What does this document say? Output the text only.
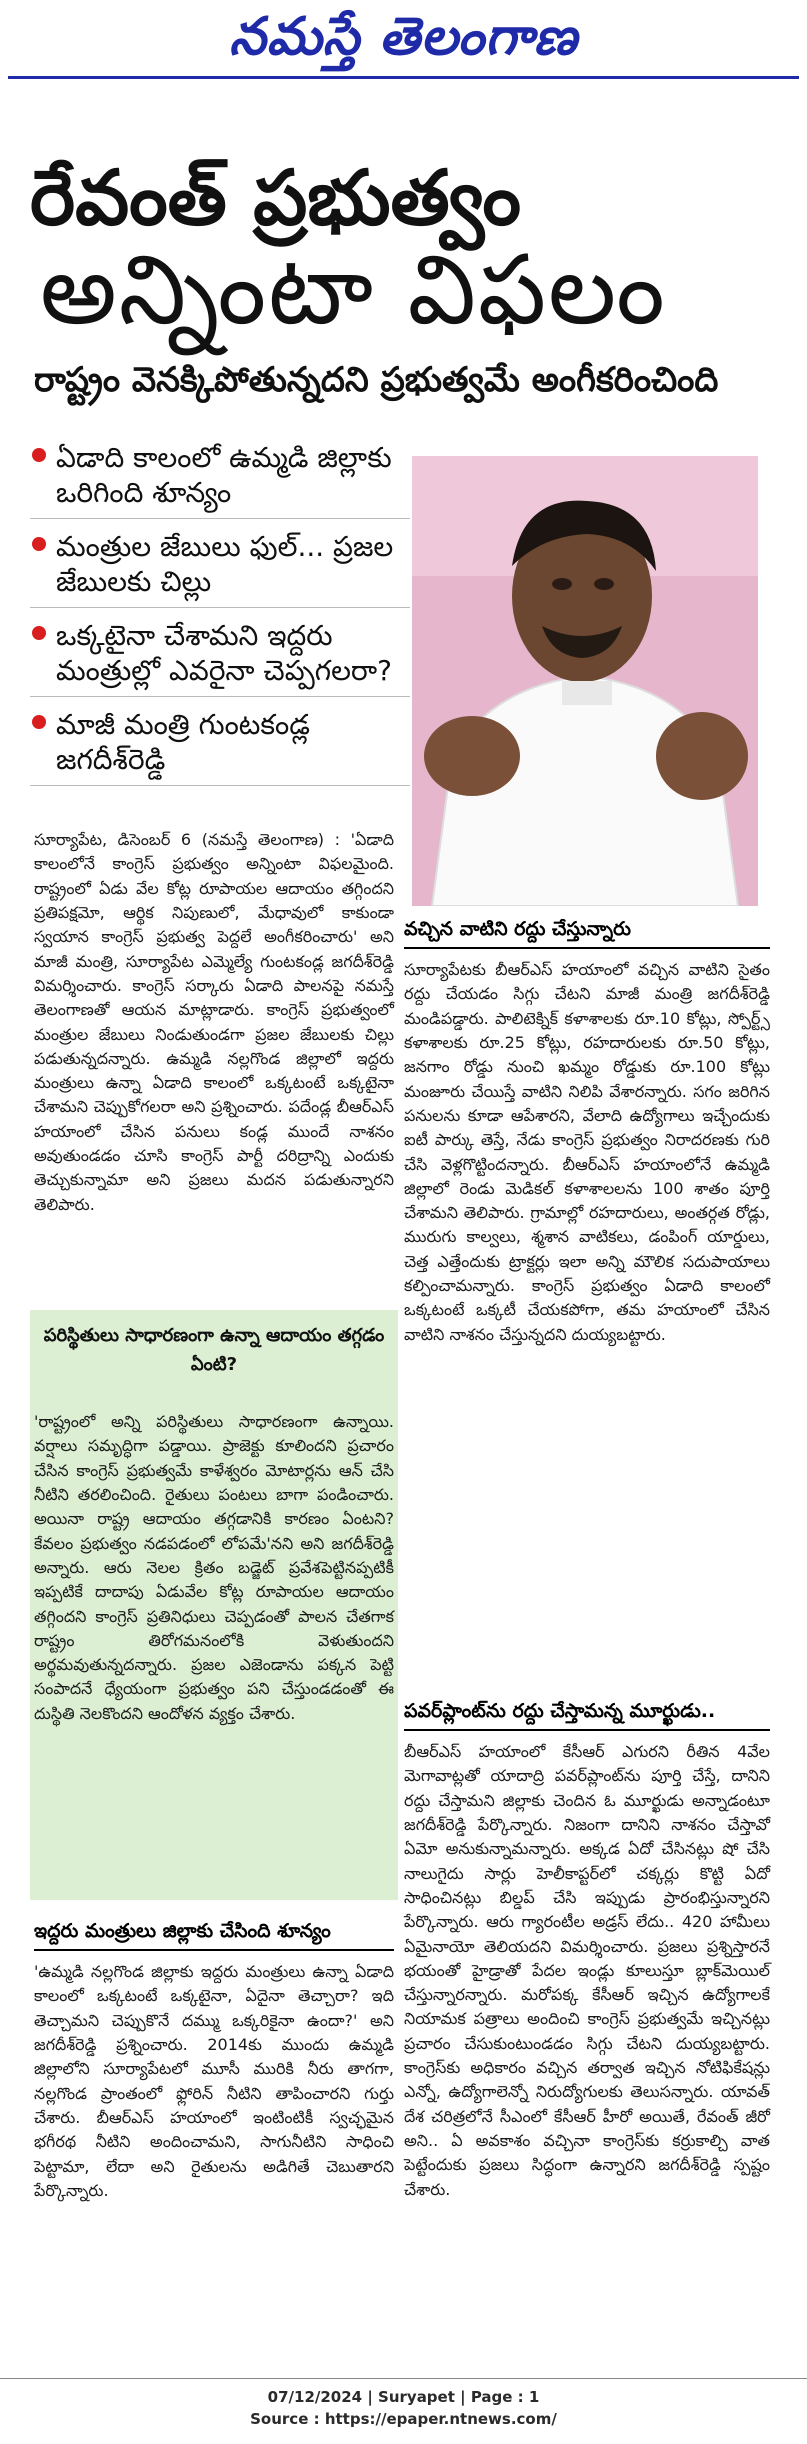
నమస్తే తెలంగాణ
రేవంత్ ప్రభుత్వం
అన్నింటా విఫలం
రాష్ట్రం వెనక్కిపోతున్నదని ప్రభుత్వమే అంగీకరించింది
ఏడాది కాలంలో ఉమ్మడి జిల్లాకు ఒరిగింది శూన్యం
మంత్రుల జేబులు ఫుల్... ప్రజల జేబులకు చిల్లు
ఒక్కటైనా చేశామని ఇద్దరు మంత్రుల్లో ఎవరైనా చెప్పగలరా?
మాజీ మంత్రి గుంటకండ్ల జగదీశ్‌రెడ్డి
సూర్యాపేట, డిసెంబర్ 6 (నమస్తే తెలంగాణ) : 'ఏడాది కాలంలోనే కాంగ్రెస్ ప్రభుత్వం అన్నింటా విఫలమైంది. రాష్ట్రంలో ఏడు వేల కోట్ల రూపాయల ఆదాయం తగ్గిందని ప్రతిపక్షమో, ఆర్థిక నిపుణులో, మేధావులో కాకుండా స్వయాన కాంగ్రెస్ ప్రభుత్వ పెద్దలే అంగీకరించారు' అని మాజీ మంత్రి, సూర్యాపేట ఎమ్మెల్యే గుంటకండ్ల జగదీశ్‌రెడ్డి విమర్శించారు. కాంగ్రెస్ సర్కారు ఏడాది పాలనపై నమస్తే తెలంగాణతో ఆయన మాట్లాడారు. కాంగ్రెస్ ప్రభుత్వంలో మంత్రుల జేబులు నిండుతుండగా ప్రజల జేబులకు చిల్లు పడుతున్నదన్నారు. ఉమ్మడి నల్లగొండ జిల్లాలో ఇద్దరు మంత్రులు ఉన్నా ఏడాది కాలంలో ఒక్కటంటే ఒక్కటైనా చేశామని చెప్పుకోగలరా అని ప్రశ్నించారు. పదేండ్ల బీఆర్‌ఎస్ హయాంలో చేసిన పనులు కండ్ల ముందే నాశనం అవుతుండడం చూసి కాంగ్రెస్ పార్టీ దరిద్రాన్ని ఎందుకు తెచ్చుకున్నామా అని ప్రజలు మదన పడుతున్నారని తెలిపారు.
వచ్చిన వాటిని రద్దు చేస్తున్నారు
సూర్యాపేటకు బీఆర్‌ఎస్ హయాంలో వచ్చిన వాటిని సైతం రద్దు చేయడం సిగ్గు చేటని మాజీ మంత్రి జగదీశ్‌రెడ్డి మండిపడ్డారు. పాలిటెక్నిక్ కళాశాలకు రూ.10 కోట్లు, స్పోర్ట్స్ కళాశాలకు రూ.25 కోట్లు, రహదారులకు రూ.50 కోట్లు, జనగాం రోడ్డు నుంచి ఖమ్మం రోడ్డుకు రూ.100 కోట్లు మంజూరు చేయిస్తే వాటిని నిలిపి వేశారన్నారు. సగం జరిగిన పనులను కూడా ఆపేశారని, వేలాది ఉద్యోగాలు ఇచ్చేందుకు ఐటీ పార్కు తెస్తే, నేడు కాంగ్రెస్ ప్రభుత్వం నిరాదరణకు గురి చేసి వెళ్లగొట్టిందన్నారు. బీఆర్‌ఎస్ హయాంలోనే ఉమ్మడి జిల్లాలో రెండు మెడికల్ కళాశాలలను 100 శాతం పూర్తి చేశామని తెలిపారు. గ్రామాల్లో రహదారులు, అంతర్గత రోడ్లు, మురుగు కాల్వలు, శ్మశాన వాటికలు, డంపింగ్ యార్డులు, చెత్త ఎత్తేందుకు ట్రాక్టర్లు ఇలా అన్ని మౌలిక సదుపాయాలు కల్పించామన్నారు. కాంగ్రెస్ ప్రభుత్వం ఏడాది కాలంలో ఒక్కటంటే ఒక్కటీ చేయకపోగా, తమ హయాంలో చేసిన వాటిని నాశనం చేస్తున్నదని దుయ్యబట్టారు.
పరిస్థితులు సాధారణంగా ఉన్నా ఆదాయం తగ్గడం ఏంటి?
'రాష్ట్రంలో అన్ని పరిస్థితులు సాధారణంగా ఉన్నాయి. వర్షాలు సమృద్ధిగా పడ్డాయి. ప్రాజెక్టు కూలిందని ప్రచారం చేసిన కాంగ్రెస్ ప్రభుత్వమే కాళేశ్వరం మోటార్లను ఆన్ చేసి నీటిని తరలించింది. రైతులు పంటలు బాగా పండించారు. అయినా రాష్ట్ర ఆదాయం తగ్గడానికి కారణం ఏంటని? కేవలం ప్రభుత్వం నడపడంలో లోపమే'నని అని జగదీశ్‌రెడ్డి అన్నారు. ఆరు నెలల క్రితం బడ్జెట్ ప్రవేశపెట్టినప్పటికీ ఇప్పటికే దాదాపు ఏడువేల కోట్ల రూపాయల ఆదాయం తగ్గిందని కాంగ్రెస్ ప్రతినిధులు చెప్పడంతో పాలన చేతగాక రాష్ట్రం తిరోగమనంలోకి వెళుతుందని అర్థమవుతున్నదన్నారు. ప్రజల ఎజెండాను పక్కన పెట్టి సంపాదనే ధ్యేయంగా ప్రభుత్వం పని చేస్తుండడంతో ఈ దుస్థితి నెలకొందని ఆందోళన వ్యక్తం చేశారు.	పవర్‌ప్లాంట్‌ను రద్దు చేస్తామన్న మూర్ఖుడు..
బీఆర్‌ఎస్ హయాంలో కేసీఆర్ ఎగురని రీతిన 4వేల మెగావాట్లతో యాదాద్రి పవర్‌ప్లాంట్‌ను పూర్తి చేస్తే, దానిని రద్దు చేస్తామని జిల్లాకు చెందిన ఓ మూర్ఖుడు అన్నాడంటూ జగదీశ్‌రెడ్డి పేర్కొన్నారు. నిజంగా దానిని నాశనం చేస్తావో ఏమో అనుకున్నామన్నారు. అక్కడ ఏదో చేసినట్లు షో చేసి నాలుగైదు సార్లు హెలీకాప్టర్‌లో చక్కర్లు కొట్టి ఏదో సాధించినట్లు బిల్డప్ చేసి ఇప్పుడు ప్రారంభిస్తున్నారని పేర్కొన్నారు. ఆరు గ్యారంటీల అడ్రస్ లేదు.. 420 హామీలు ఏమైనాయో తెలియదని విమర్శించారు. ప్రజలు ప్రశ్నిస్తారనే భయంతో హైడ్రాతో పేదల ఇండ్లు కూలుస్తూ బ్లాక్‌మెయిల్ చేస్తున్నారన్నారు. మరోపక్క కేసీఆర్ ఇచ్చిన ఉద్యోగాలకే నియామక పత్రాలు అందించి కాంగ్రెస్ ప్రభుత్వమే ఇచ్చినట్లు ప్రచారం చేసుకుంటుండడం సిగ్గు చేటని దుయ్యబట్టారు. కాంగ్రెస్‌కు అధికారం వచ్చిన తర్వాత ఇచ్చిన నోటిఫికేషన్లు ఎన్నో, ఉద్యోగాలెన్నో నిరుద్యోగులకు తెలుసన్నారు. యావత్ దేశ చరిత్రలోనే సీఎంలో కేసీఆర్ హీరో అయితే, రేవంత్ జీరో అని.. ఏ అవకాశం వచ్చినా కాంగ్రెస్‌కు కర్రుకాల్చి వాత పెట్టేందుకు ప్రజలు సిద్ధంగా ఉన్నారని జగదీశ్‌రెడ్డి స్పష్టం చేశారు.
ఇద్దరు మంత్రులు జిల్లాకు చేసింది శూన్యం
'ఉమ్మడి నల్లగొండ జిల్లాకు ఇద్దరు మంత్రులు ఉన్నా ఏడాది కాలంలో ఒక్కటంటే ఒక్కటైనా, ఏదైనా తెచ్చారా? ఇది తెచ్చామని చెప్పుకొనే దమ్ము ఒక్కరికైనా ఉందా?' అని జగదీశ్‌రెడ్డి ప్రశ్నించారు. 2014కు ముందు ఉమ్మడి జిల్లాలోని సూర్యాపేటలో మూసీ మురికి నీరు తాగగా, నల్లగొండ ప్రాంతంలో ఫ్లోరిన్ నీటిని తాపించారని గుర్తు చేశారు. బీఆర్‌ఎస్ హయాంలో ఇంటింటికీ స్వచ్ఛమైన భగీరథ నీటిని అందించామని, సాగునీటిని సాధించి పెట్టామా, లేదా అని రైతులను అడిగితే చెబుతారని పేర్కొన్నారు.
07/12/2024 | Suryapet | Page : 1
Source : https://epaper.ntnews.com/
